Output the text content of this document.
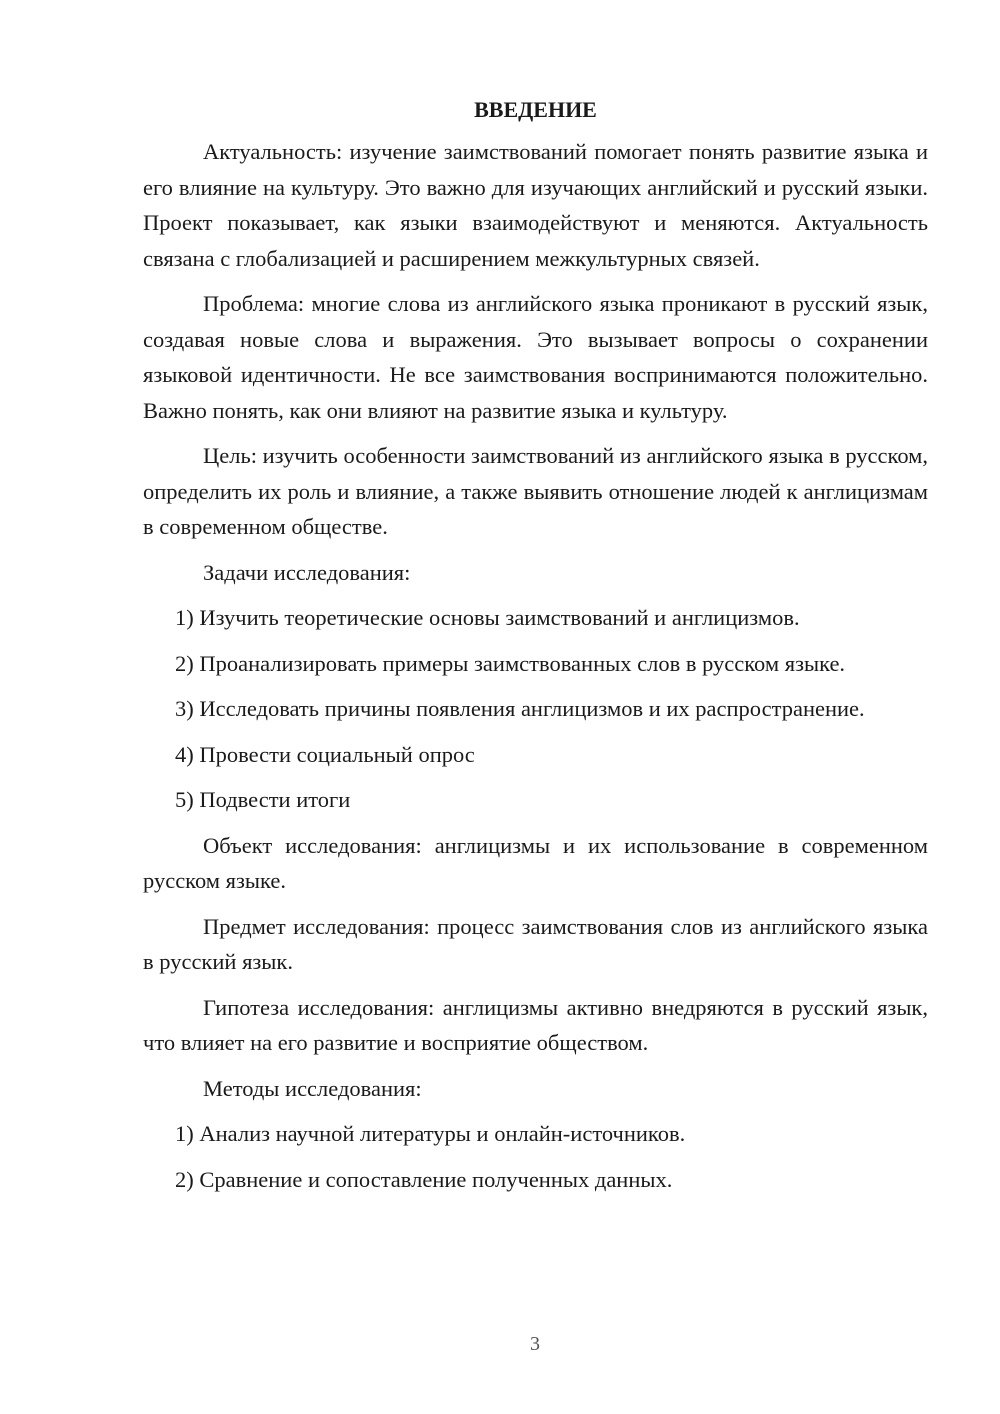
ВВЕДЕНИЕ

Актуальность: изучение заимствований помогает понять развитие языка и его влияние на культуру. Это важно для изучающих английский и русский языки. Проект показывает, как языки взаимодействуют и меняются. Актуальность связана с глобализацией и расширением межкультурных связей.

Проблема: многие слова из английского языка проникают в русский язык, создавая новые слова и выражения. Это вызывает вопросы о сохранении языковой идентичности. Не все заимствования воспринимаются положительно. Важно понять, как они влияют на развитие языка и культуру.

Цель: изучить особенности заимствований из английского языка в русском, определить их роль и влияние, а также выявить отношение людей к англицизмам в современном обществе.

Задачи исследования:

1) Изучить теоретические основы заимствований и англицизмов.

2) Проанализировать примеры заимствованных слов в русском языке.

3) Исследовать причины появления англицизмов и их распространение.

4) Провести социальный опрос

5) Подвести итоги

Объект исследования: англицизмы и их использование в современном русском языке.

Предмет исследования: процесс заимствования слов из английского языка в русский язык.

Гипотеза исследования: англицизмы активно внедряются в русский язык, что влияет на его развитие и восприятие обществом.

Методы исследования:

1) Анализ научной литературы и онлайн-источников.

2) Сравнение и сопоставление полученных данных.

3
